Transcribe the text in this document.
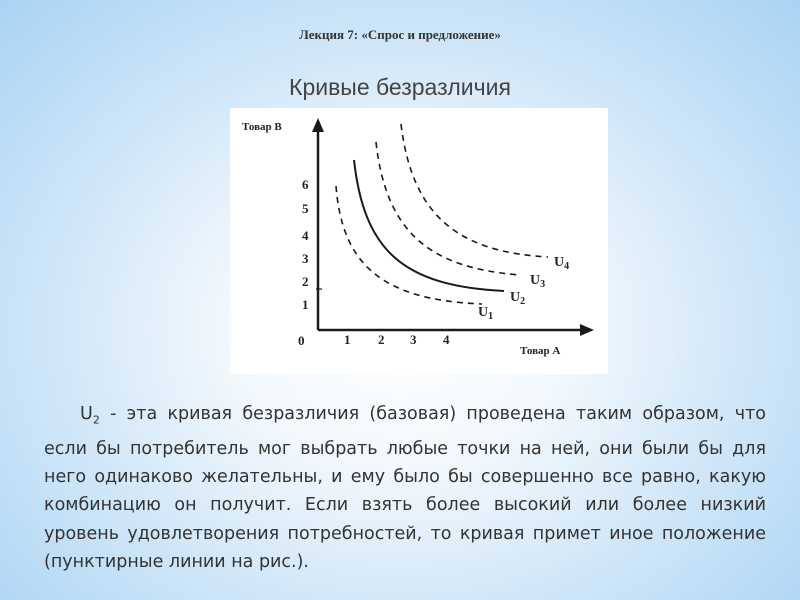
Лекция 7: «Спрос и предложение»
Кривые безразличия
Товар B
Товар А
0
1
2
3
4
5
6
1 2 3 4
$U_1$
$U_2$
$U_3$
$U_4$

$U_2$ - эта кривая безразличия (базовая) проведена таким образом, что если бы потребитель мог выбрать любые точки на ней, они были бы для него одинаково желательны, и ему было бы совершенно все равно, какую комбинацию он получит. Если взять более высокий или более низкий уровень удовлетворения потребностей, то кривая примет иное положение (пунктирные линии на рис.).
